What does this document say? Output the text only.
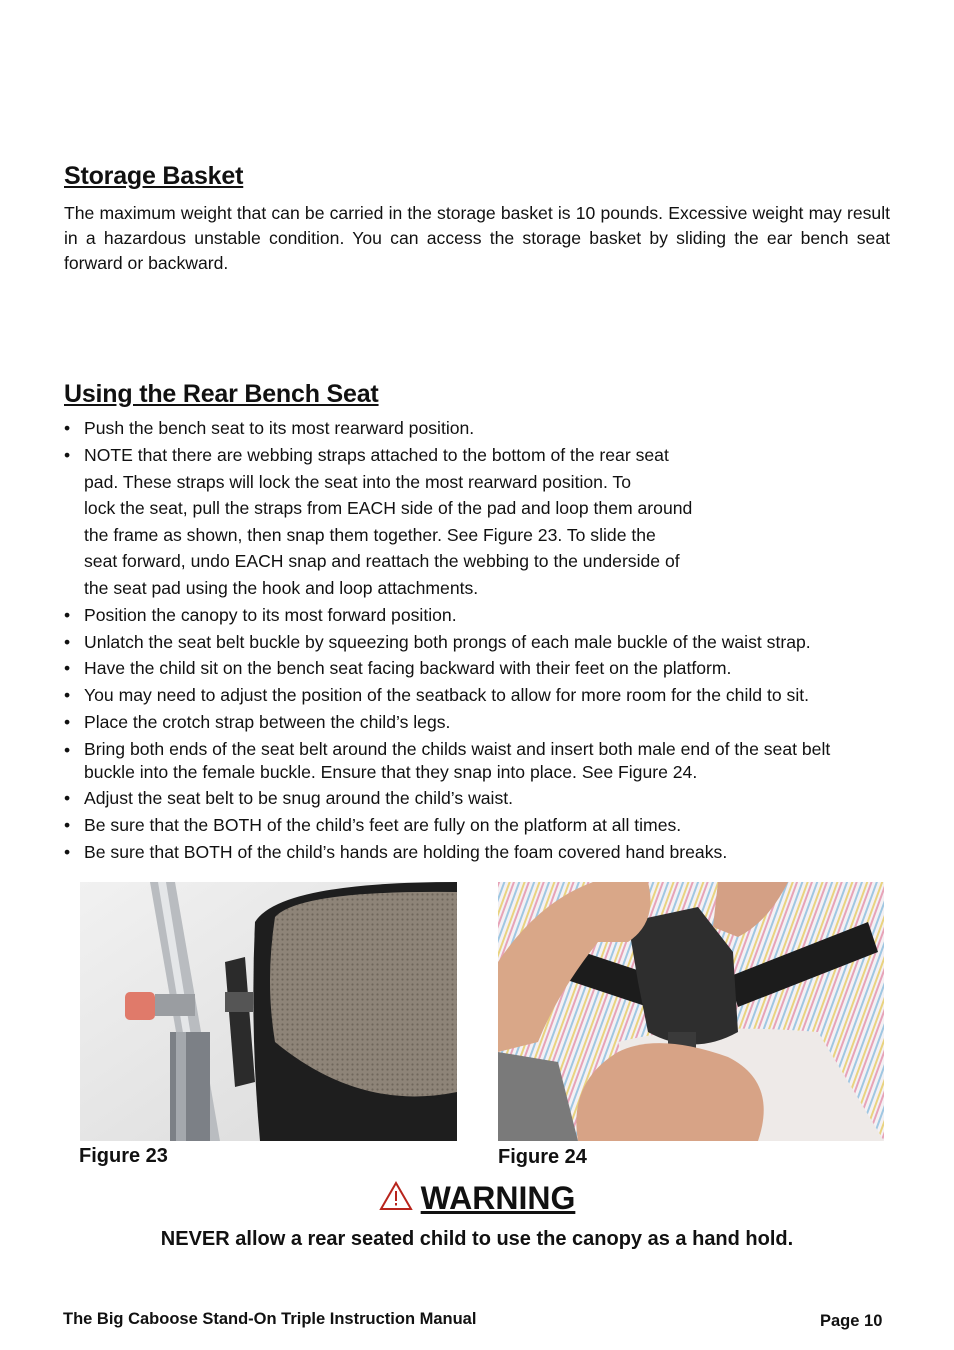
Storage Basket

The maximum weight that can be carried in the storage basket is 10 pounds. Excessive weight may result in a hazardous unstable condition. You can access the storage basket by sliding the ear bench seat forward or backward.

Using the Rear Bench Seat
• Push the bench seat to its most rearward position.
• NOTE that there are webbing straps attached to the bottom of the rear seat
pad. These straps will lock the seat into the most rearward position. To
lock the seat, pull the straps from EACH side of the pad and loop them around
the frame as shown, then snap them together. See Figure 23. To slide the
seat forward, undo EACH snap and reattach the webbing to the underside of
the seat pad using the hook and loop attachments.
• Position the canopy to its most forward position.
• Unlatch the seat belt buckle by squeezing both prongs of each male buckle of the waist strap.
• Have the child sit on the bench seat facing backward with their feet on the platform.
• You may need to adjust the position of the seatback to allow for more room for the child to sit.
• Place the crotch strap between the child’s legs.
• Bring both ends of the seat belt around the childs waist and insert both male end of the seat belt
buckle into the female buckle. Ensure that they snap into place. See Figure 24.
• Adjust the seat belt to be snug around the child’s waist.
• Be sure that the BOTH of the child’s feet are fully on the platform at all times.
• Be sure that BOTH of the child’s hands are holding the foam covered hand breaks.
Figure 23	Figure 24
WARNING
NEVER allow a rear seated child to use the canopy as a hand hold.
The Big Caboose Stand-On Triple Instruction Manual	Page 10
